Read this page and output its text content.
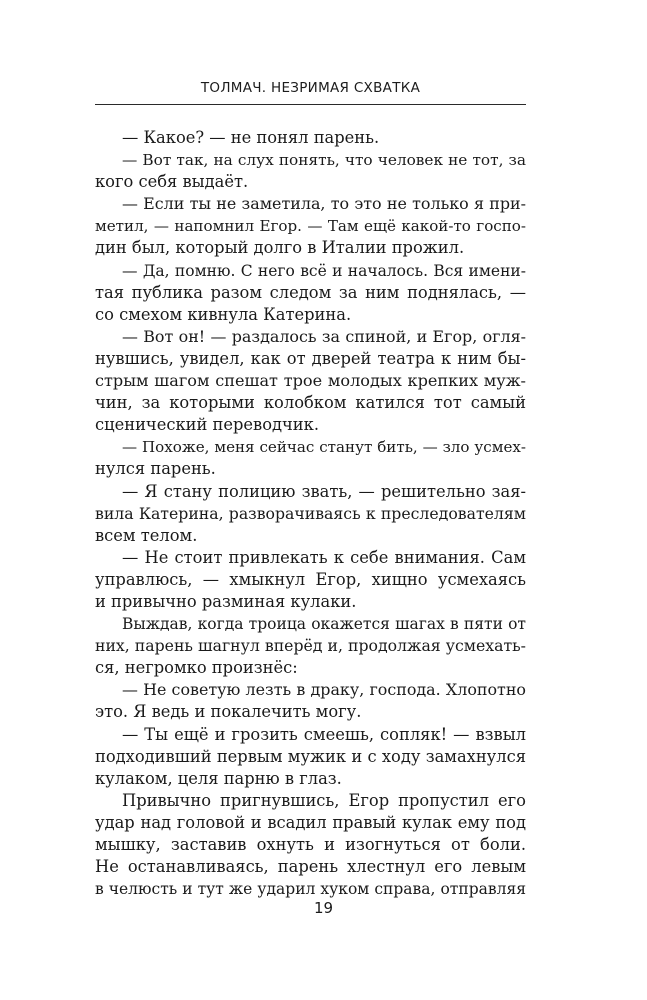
ТОЛМАЧ. НЕЗРИМАЯ СХВАТКА
— Какое? — не понял парень.
— Вот так, на слух понять, что человек не тот, за
кого себя выдаёт.
— Если ты не заметила, то это не только я при-
метил, — напомнил Егор. — Там ещё какой-то госпо-
дин был, который долго в Италии прожил.
— Да, помню. С него всё и началось. Вся имени-
тая публика разом следом за ним поднялась, —
со смехом кивнула Катерина.
— Вот он! — раздалось за спиной, и Егор, огля-
нувшись, увидел, как от дверей театра к ним бы-
стрым шагом спешат трое молодых крепких муж-
чин, за которыми колобком катился тот самый
сценический переводчик.
— Похоже, меня сейчас станут бить, — зло усмех-
нулся парень.
— Я стану полицию звать, — решительно зая-
вила Катерина, разворачиваясь к преследователям
всем телом.
— Не стоит привлекать к себе внимания. Сам
управлюсь, — хмыкнул Егор, хищно усмехаясь
и привычно разминая кулаки.
Выждав, когда троица окажется шагах в пяти от
них, парень шагнул вперёд и, продолжая усмехать-
ся, негромко произнёс:
— Не советую лезть в драку, господа. Хлопотно
это. Я ведь и покалечить могу.
— Ты ещё и грозить смеешь, сопляк! — взвыл
подходивший первым мужик и с ходу замахнулся
кулаком, целя парню в глаз.
Привычно пригнувшись, Егор пропустил его
удар над головой и всадил правый кулак ему под
мышку, заставив охнуть и изогнуться от боли.
Не останавливаясь, парень хлестнул его левым
в челюсть и тут же ударил хуком справа, отправляя
19
